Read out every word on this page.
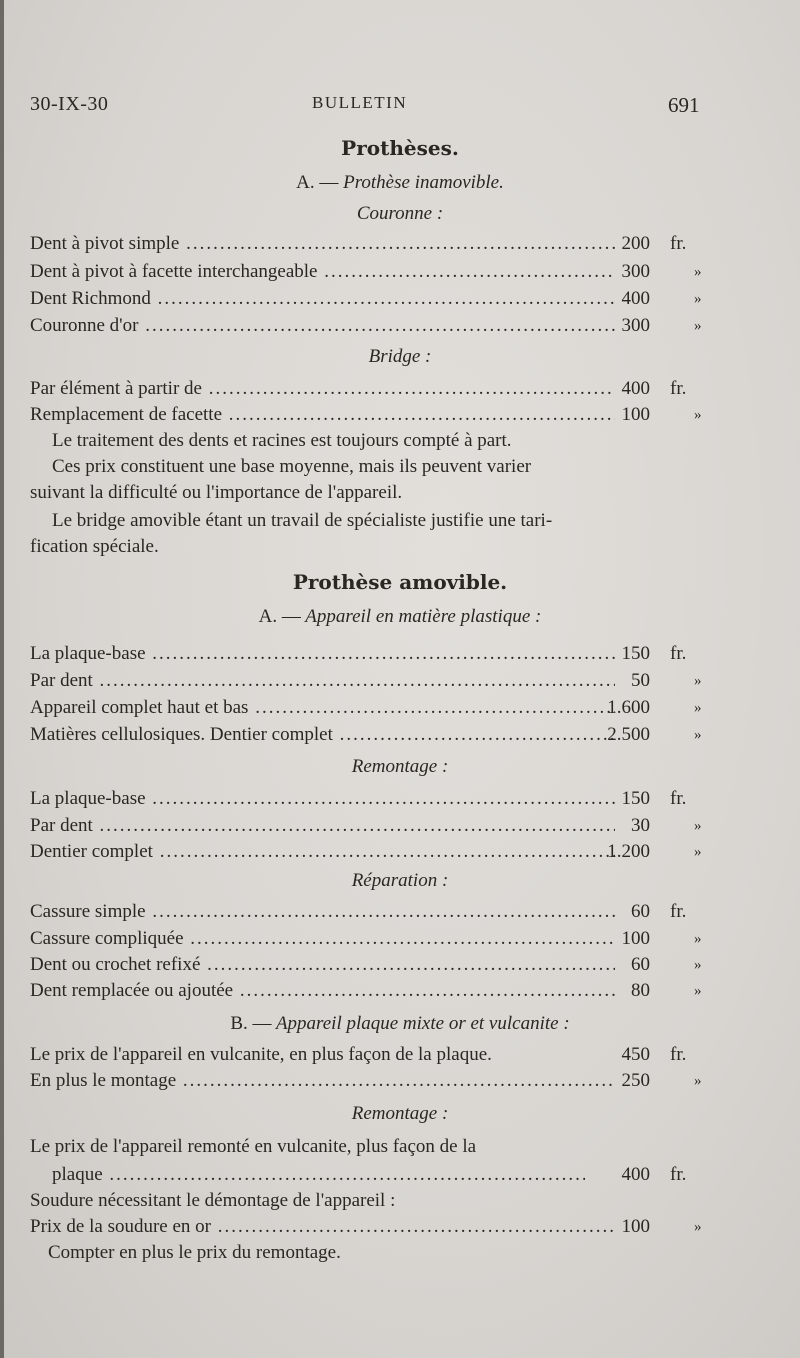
30-IX-30	BULLETIN	691
Prothèses.
A. — Prothèse inamovible.
Couronne :
Dent à pivot simple .....	200 fr.
Dent à pivot à facette interchangeable .....	300	»
Dent Richmond .....	400	»
Couronne d'or .....	300	»
Bridge :
Par élément à partir de .....	400 fr.
Remplacement de facette .....	100	»
Le traitement des dents et racines est toujours compté à part.
Ces prix constituent une base moyenne, mais ils peuvent varier
suivant la difficulté ou l'importance de l'appareil.
Le bridge amovible étant un travail de spécialiste justifie une tari-
fication spéciale.
Prothèse amovible.
A. — Appareil en matière plastique :
La plaque-base .....	150 fr.
Par dent .....	50	»
Appareil complet haut et bas .....	1.600	»
Matières cellulosiques. Dentier complet .....	2.500	»
Remontage :
La plaque-base .....	150 fr.
Par dent .....	30	»
Dentier complet .....	1.200	»
Réparation :
Cassure simple .....	60 fr.
Cassure compliquée .....	100	»
Dent ou crochet refixé .....	60	»
Dent remplacée ou ajoutée .....	80	»
B. — Appareil plaque mixte or et vulcanite :
Le prix de l'appareil en vulcanite, en plus façon de la plaque.	450 fr.
En plus le montage .....	250	»
Remontage :
Le prix de l'appareil remonté en vulcanite, plus façon de la
plaque .....	400 fr.
Soudure nécessitant le démontage de l'appareil :
Prix de la soudure en or .....	100	»
Compter en plus le prix du remontage.
